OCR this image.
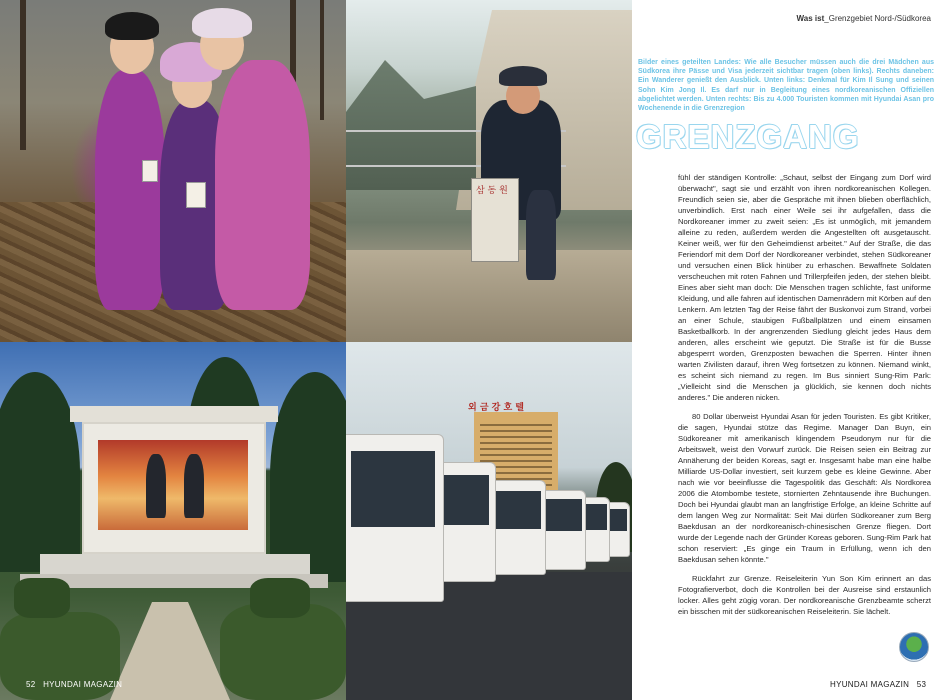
삼 동 원
외 금 강 호 텔
52 HYUNDAI MAGAZIN	HYUNDAI MAGAZIN 53
Was ist_Grenzgebiet Nord-/Südkorea
Bilder eines geteilten Landes: Wie alle Besucher müssen auch die drei Mädchen aus Südkorea ihre Pässe und Visa jederzeit sichtbar tragen (oben links). Rechts daneben: Ein Wanderer genießt den Ausblick. Unten links: Denkmal für Kim Il Sung und seinen Sohn Kim Jong Il. Es darf nur in Begleitung eines nordkoreanischen Offiziellen abgelichtet werden. Unten rechts: Bis zu 4.000 Touristen kommen mit Hyundai Asan pro Wochenende in die Grenzregion
GRENZGANG

fühl der ständigen Kontrolle: „Schaut, selbst der Eingang zum Dorf wird überwacht", sagt sie und erzählt von ihren nordkoreanischen Kollegen. Freundlich seien sie, aber die Gespräche mit ihnen blieben oberflächlich, unverbindlich. Erst nach einer Weile sei ihr aufgefallen, dass die Nordkoreaner immer zu zweit seien: „Es ist unmöglich, mit jemandem alleine zu reden, außerdem werden die Angestellten oft ausgetauscht. Keiner weiß, wer für den Geheimdienst arbeitet." Auf der Straße, die das Feriendorf mit dem Dorf der Nordkoreaner verbindet, stehen Südkoreaner und versuchen einen Blick hinüber zu erhaschen. Bewaffnete Soldaten verscheuchen mit roten Fahnen und Trillerpfeifen jeden, der stehen bleibt. Eines aber sieht man doch: Die Menschen tragen schlichte, fast uniforme Kleidung, und alle fahren auf identischen Damenrädern mit Körben auf den Lenkern. Am letzten Tag der Reise fährt der Buskonvoi zum Strand, vorbei an einer Schule, staubigen Fußballplätzen und einem einsamen Basketballkorb. In der angrenzenden Siedlung gleicht jedes Haus dem anderen, alles erscheint wie geputzt. Die Straße ist für die Busse abgesperrt worden, Grenzposten bewachen die Sperren. Hinter ihnen warten Zivilisten darauf, ihren Weg fortsetzen zu können. Niemand winkt, es scheint sich niemand zu regen. Im Bus sinniert Sung-Rim Park: „Vielleicht sind die Menschen ja glücklich, sie kennen doch nichts anderes." Die anderen nicken.

80 Dollar überweist Hyundai Asan für jeden Touristen. Es gibt Kritiker, die sagen, Hyundai stütze das Regime. Manager Dan Buyn, ein Südkoreaner mit amerikanisch klingendem Pseudonym nur für die Arbeitswelt, weist den Vorwurf zurück. Die Reisen seien ein Beitrag zur Annäherung der beiden Koreas, sagt er. Insgesamt habe man eine halbe Milliarde US-Dollar investiert, seit kurzem gebe es kleine Gewinne. Aber nach wie vor beeinflusse die Tagespolitik das Geschäft: Als Nordkorea 2006 die Atombombe testete, stornierten Zehntausende ihre Buchungen. Doch bei Hyundai glaubt man an langfristige Erfolge, an kleine Schritte auf dem langen Weg zur Normalität: Seit Mai dürfen Südkoreaner zum Berg Baekdusan an der nordkoreanisch-chinesischen Grenze fliegen. Dort wurde der Legende nach der Gründer Koreas geboren. Sung-Rim Park hat schon reserviert: „Es ginge ein Traum in Erfüllung, wenn ich den Baekdusan sehen könnte."

Rückfahrt zur Grenze. Reiseleiterin Yun Son Kim erinnert an das Fotografierverbot, doch die Kontrollen bei der Ausreise sind erstaunlich locker. Alles geht zügig voran. Der nordkoreanische Grenzbeamte scherzt ein bisschen mit der südkoreanischen Reiseleiterin. Sie lächelt.
